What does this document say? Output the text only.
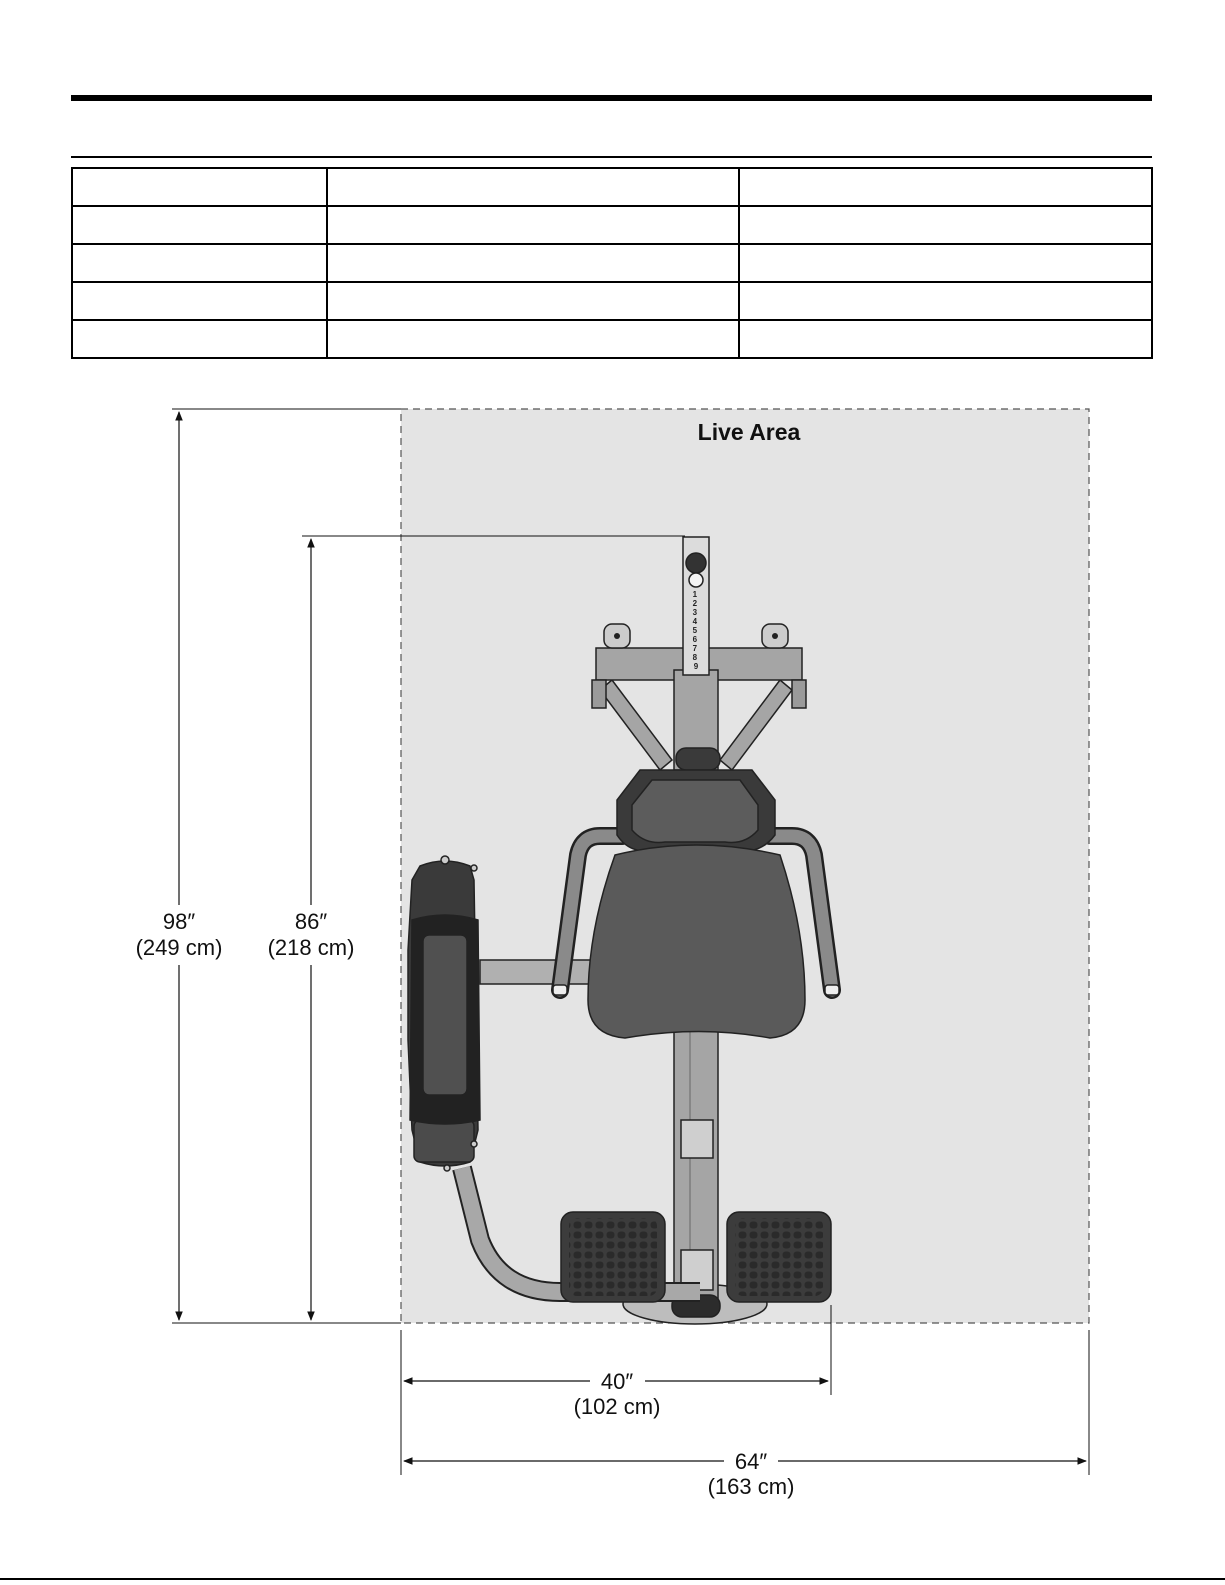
Live Area
98″
(249 cm)
86″
(218 cm)
40″
(102 cm)
64″
(163 cm)
1 2 3 4 5 6 7 8 9
